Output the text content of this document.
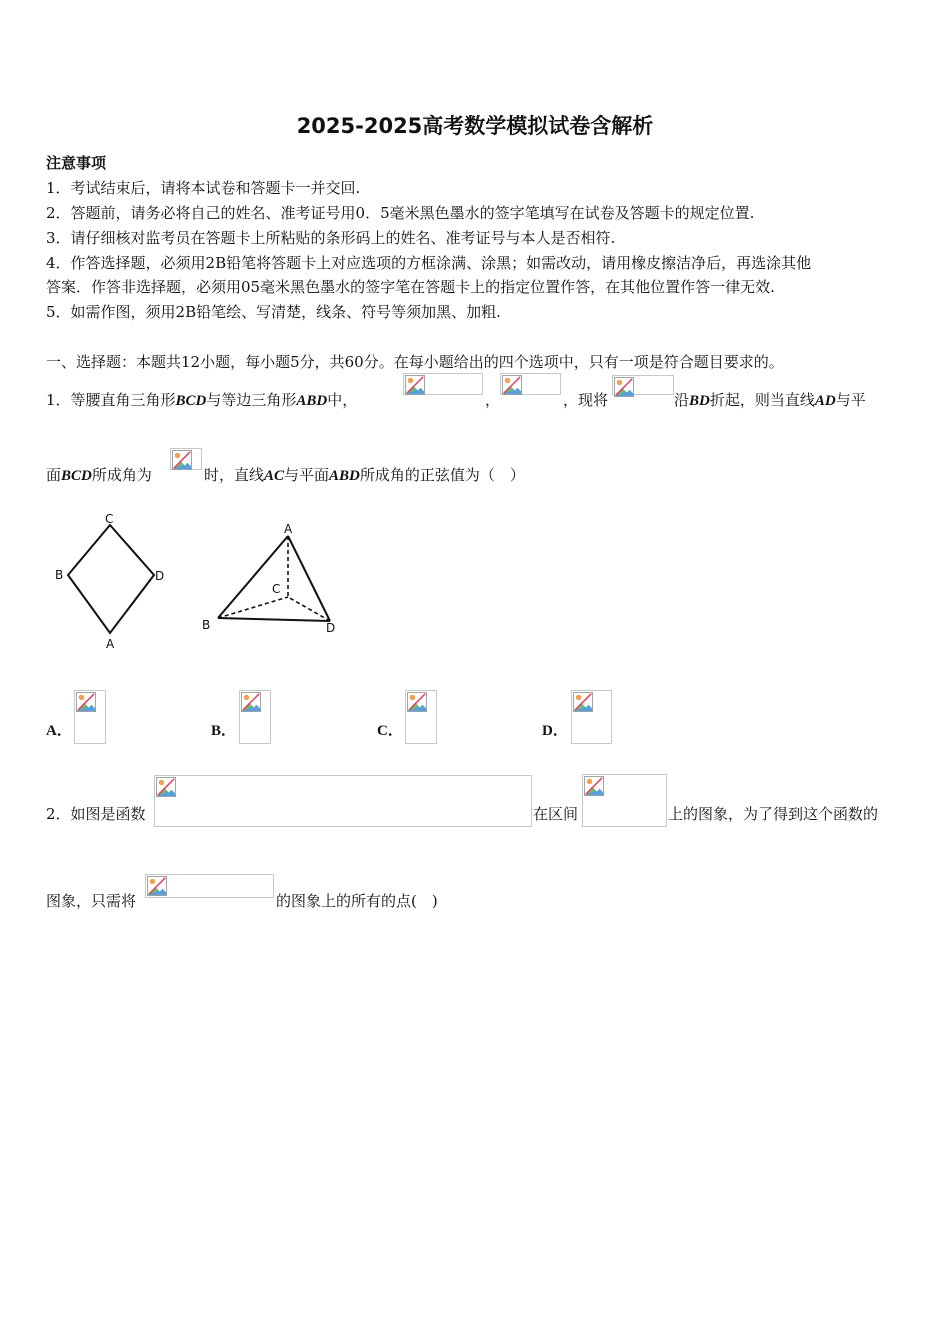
2025-2025高考数学模拟试卷含解析
注意事项
1．考试结束后，请将本试卷和答题卡一并交回.
2．答题前，请务必将自己的姓名、准考证号用0．5毫米黑色墨水的签字笔填写在试卷及答题卡的规定位置.
3．请仔细核对监考员在答题卡上所粘贴的条形码上的姓名、准考证号与本人是否相符.
4．作答选择题，必须用2B铅笔将答题卡上对应选项的方框涂满、涂黑；如需改动，请用橡皮擦洁净后，再选涂其他
答案．作答非选择题，必须用05毫米黑色墨水的签字笔在答题卡上的指定位置作答，在其他位置作答一律无效.
5．如需作图，须用2B铅笔绘、写清楚，线条、符号等须加黑、加粗.
一、选择题：本题共12小题，每小题5分，共60分。在每小题给出的四个选项中，只有一项是符合题目要求的。
1．等腰直角三角形BCD与等边三角形ABD中，	，	，现将	沿BD折起，则当直线AD与平
面BCD所成角为	时，直线AC与平面ABD所成角的正弦值为（　）
C
B	D
A
A
C
B	D
A．	B．	C．	D．
2．如图是函数	在区间	上的图象，为了得到这个函数的
图象，只需将	的图象上的所有的点(　)
